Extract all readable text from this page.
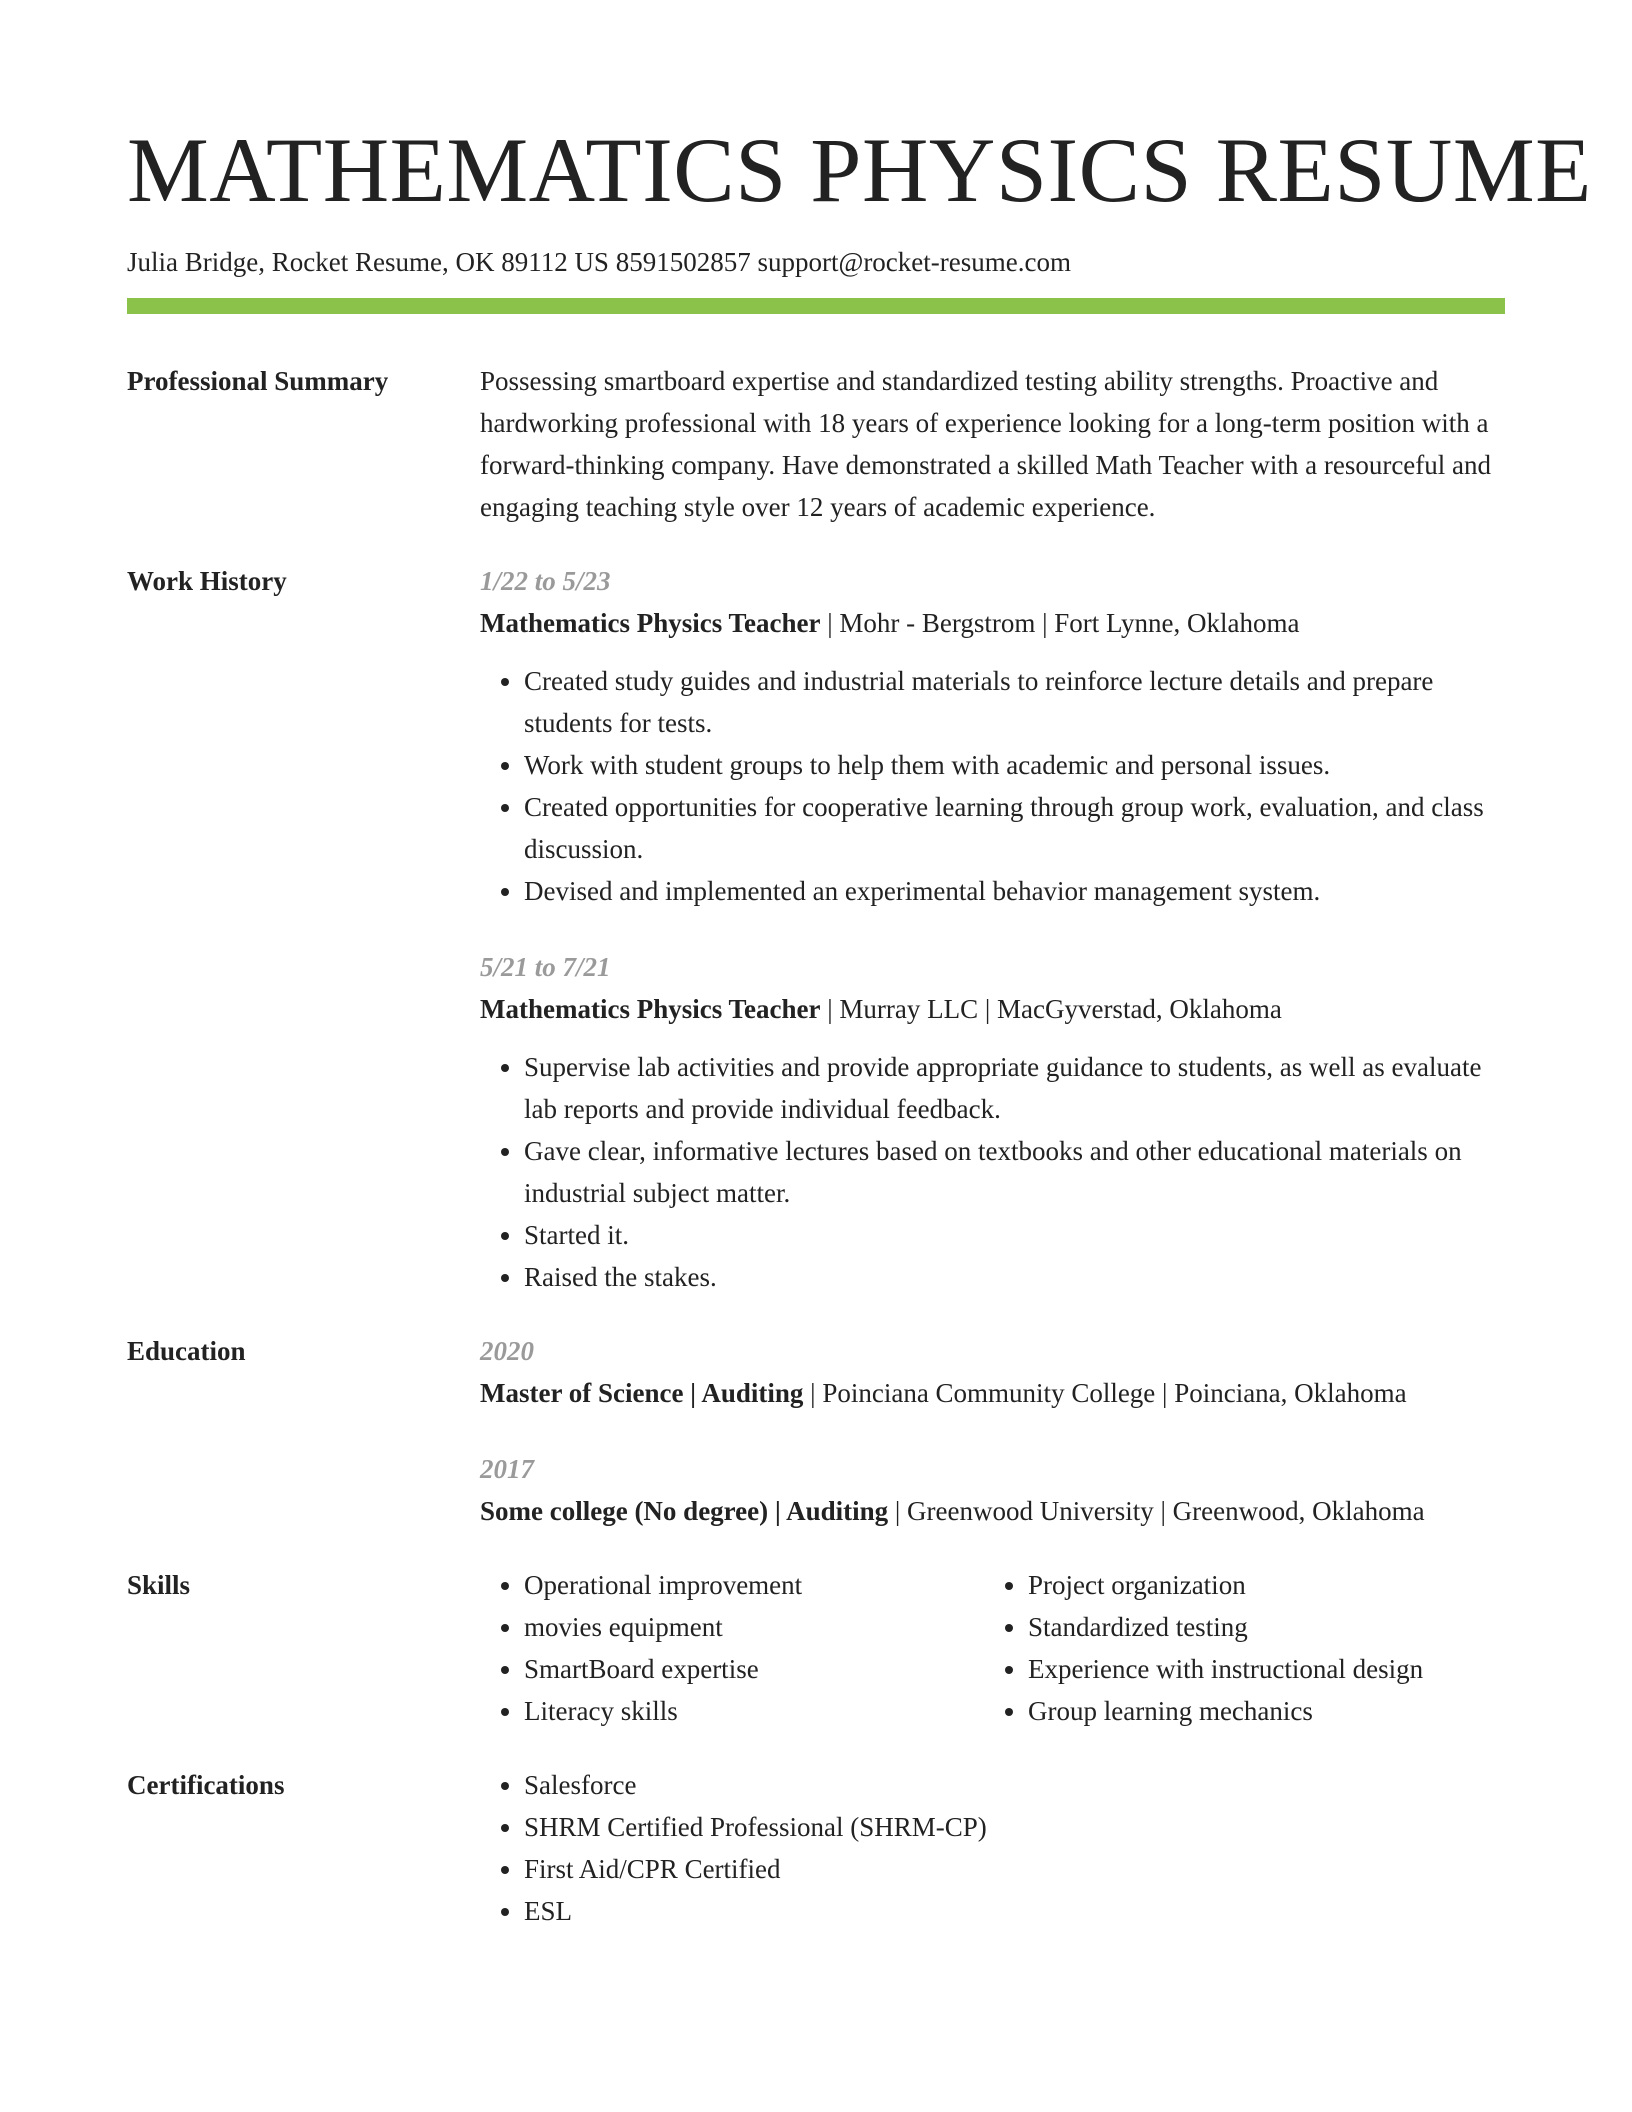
MATHEMATICS PHYSICS RESUME
Julia Bridge, Rocket Resume, OK 89112 US 8591502857 support@rocket-resume.com
Professional Summary	Possessing smartboard expertise and standardized testing ability strengths. Proactive and hardworking professional with 18 years of experience looking for a long-term position with a forward-thinking company. Have demonstrated a skilled Math Teacher with a resourceful and engaging teaching style over 12 years of academic experience.

Work History	1/22 to 5/23
Mathematics Physics Teacher | Mohr - Bergstrom | Fort Lynne, Oklahoma
• Created study guides and industrial materials to reinforce lecture details and prepare students for tests.
• Work with student groups to help them with academic and personal issues.
• Created opportunities for cooperative learning through group work, evaluation, and class discussion.
• Devised and implemented an experimental behavior management system.
5/21 to 7/21
Mathematics Physics Teacher | Murray LLC | MacGyverstad, Oklahoma
• Supervise lab activities and provide appropriate guidance to students, as well as evaluate lab reports and provide individual feedback.
• Gave clear, informative lectures based on textbooks and other educational materials on industrial subject matter.
• Started it.
• Raised the stakes.
Education	2020
Master of Science | Auditing | Poinciana Community College | Poinciana, Oklahoma
2017
Some college (No degree) | Auditing | Greenwood University | Greenwood, Oklahoma
Skills	• Operational improvement
• movies equipment
• SmartBoard expertise
• Literacy skills
• Project organization
• Standardized testing
• Experience with instructional design
• Group learning mechanics
Certifications	• Salesforce
• SHRM Certified Professional (SHRM-CP)
• First Aid/CPR Certified
• ESL
